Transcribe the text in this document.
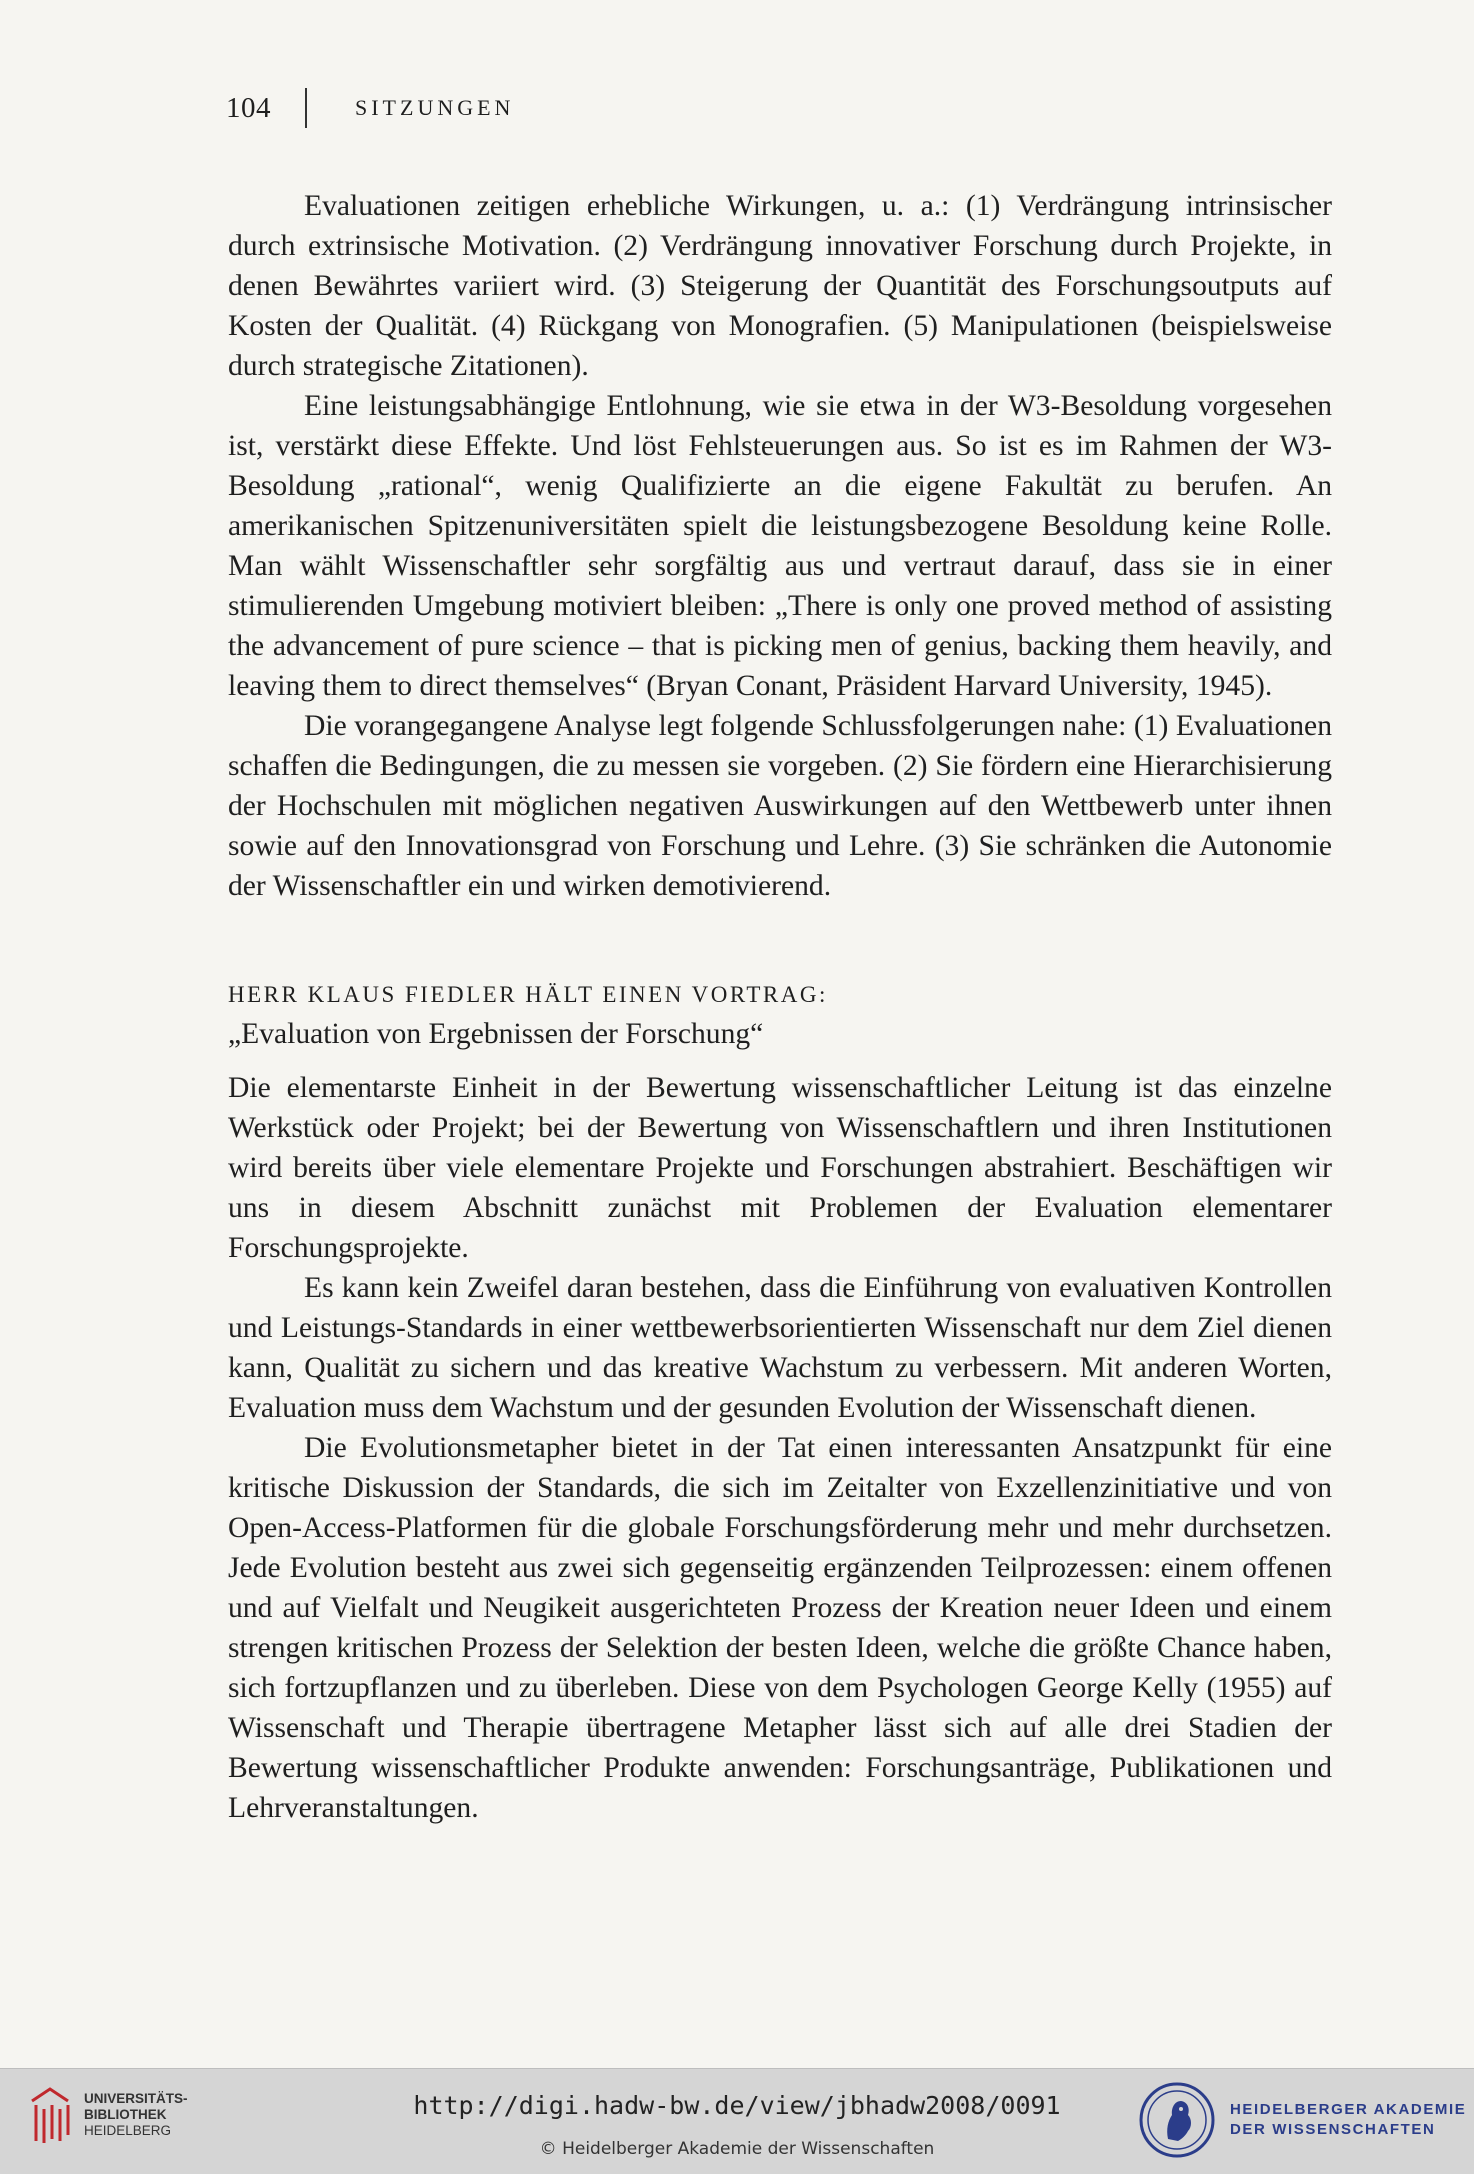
104	SITZUNGEN

Evaluationen zeitigen erhebliche Wirkungen, u. a.: (1) Verdrängung intrinsischer durch extrinsische Motivation. (2) Verdrängung innovativer Forschung durch Projekte, in denen Bewährtes variiert wird. (3) Steigerung der Quantität des Forschungsoutputs auf Kosten der Qualität. (4) Rückgang von Monografien. (5) Manipulationen (beispielsweise durch strategische Zitationen).

Eine leistungsabhängige Entlohnung, wie sie etwa in der W3-Besoldung vorgesehen ist, verstärkt diese Effekte. Und löst Fehlsteuerungen aus. So ist es im Rahmen der W3-Besoldung „rational“, wenig Qualifizierte an die eigene Fakultät zu berufen. An amerikanischen Spitzenuniversitäten spielt die leistungsbezogene Besoldung keine Rolle. Man wählt Wissenschaftler sehr sorgfältig aus und vertraut darauf, dass sie in einer stimulierenden Umgebung motiviert bleiben: „There is only one proved method of assisting the advancement of pure science – that is picking men of genius, backing them heavily, and leaving them to direct themselves“ (Bryan Conant, Präsident Harvard University, 1945).

Die vorangegangene Analyse legt folgende Schlussfolgerungen nahe: (1) Evaluationen schaffen die Bedingungen, die zu messen sie vorgeben. (2) Sie fördern eine Hierarchisierung der Hochschulen mit möglichen negativen Auswirkungen auf den Wettbewerb unter ihnen sowie auf den Innovationsgrad von Forschung und Lehre. (3) Sie schränken die Autonomie der Wissenschaftler ein und wirken demotivierend.

HERR KLAUS FIEDLER HÄLT EINEN VORTRAG:
„Evaluation von Ergebnissen der Forschung“

Die elementarste Einheit in der Bewertung wissenschaftlicher Leitung ist das einzelne Werkstück oder Projekt; bei der Bewertung von Wissenschaftlern und ihren Institutionen wird bereits über viele elementare Projekte und Forschungen abstrahiert. Beschäftigen wir uns in diesem Abschnitt zunächst mit Problemen der Evaluation elementarer Forschungsprojekte.

Es kann kein Zweifel daran bestehen, dass die Einführung von evaluativen Kontrollen und Leistungs-Standards in einer wettbewerbsorientierten Wissenschaft nur dem Ziel dienen kann, Qualität zu sichern und das kreative Wachstum zu verbessern. Mit anderen Worten, Evaluation muss dem Wachstum und der gesunden Evolution der Wissenschaft dienen.

Die Evolutionsmetapher bietet in der Tat einen interessanten Ansatzpunkt für eine kritische Diskussion der Standards, die sich im Zeitalter von Exzellenzinitiative und von Open-Access-Platformen für die globale Forschungsförderung mehr und mehr durchsetzen. Jede Evolution besteht aus zwei sich gegenseitig ergänzenden Teilprozessen: einem offenen und auf Vielfalt und Neugikeit ausgerichteten Prozess der Kreation neuer Ideen und einem strengen kritischen Prozess der Selektion der besten Ideen, welche die größte Chance haben, sich fortzupflanzen und zu überleben. Diese von dem Psychologen George Kelly (1955) auf Wissenschaft und Therapie übertragene Metapher lässt sich auf alle drei Stadien der Bewertung wissenschaftlicher Produkte anwenden: Forschungsanträge, Publikationen und Lehrveranstaltungen.

UNIVERSITÄTS-
BIBLIOTHEK
HEIDELBERG
http://digi.hadw-bw.de/view/jbhadw2008/0091
© Heidelberger Akademie der Wissenschaften
HEIDELBERGER AKADEMIE
DER WISSENSCHAFTEN
